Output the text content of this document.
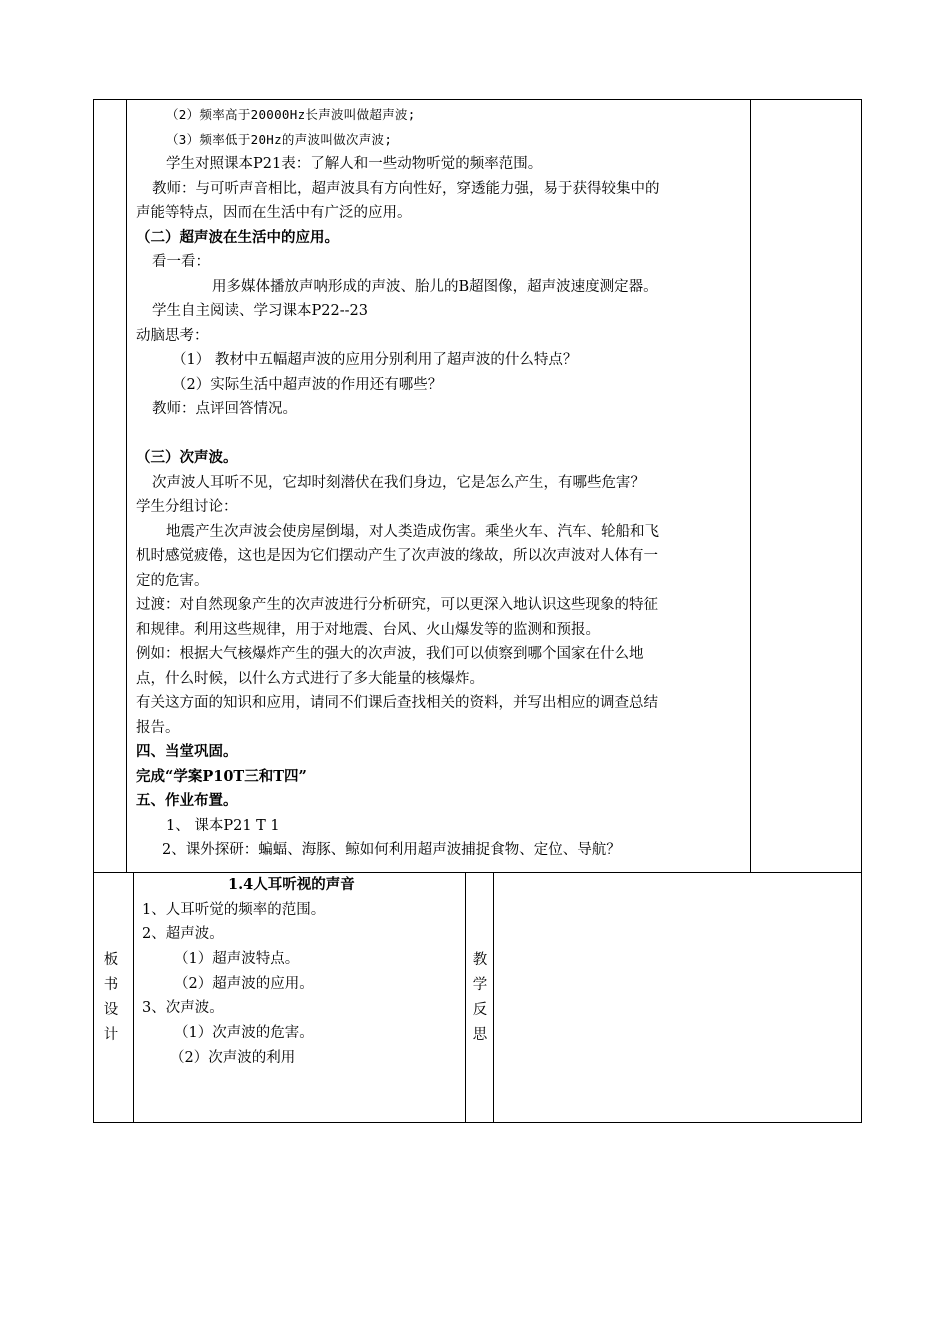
（2）频率高于20000Hz长声波叫做超声波;
（3）频率低于20Hz的声波叫做次声波;
学生对照课本P21表：了解人和一些动物听觉的频率范围。
教师：与可听声音相比，超声波具有方向性好，穿透能力强，易于获得较集中的
声能等特点，因而在生活中有广泛的应用。
（二）超声波在生活中的应用。
看一看：
用多媒体播放声呐形成的声波、胎儿的B超图像，超声波速度测定器。
学生自主阅读、学习课本P22--23
动脑思考：
（1） 教材中五幅超声波的应用分别利用了超声波的什么特点？
（2）实际生活中超声波的作用还有哪些？
教师：点评回答情况。
（三）次声波。
次声波人耳听不见，它却时刻潜伏在我们身边，它是怎么产生，有哪些危害？
学生分组讨论：
地震产生次声波会使房屋倒塌，对人类造成伤害。乘坐火车、汽车、轮船和飞
机时感觉疲倦，这也是因为它们摆动产生了次声波的缘故，所以次声波对人体有一
定的危害。
过渡：对自然现象产生的次声波进行分析研究，可以更深入地认识这些现象的特征
和规律。利用这些规律，用于对地震、台风、火山爆发等的监测和预报。
例如：根据大气核爆炸产生的强大的次声波，我们可以侦察到哪个国家在什么地
点，什么时候，以什么方式进行了多大能量的核爆炸。
有关这方面的知识和应用，请同不们课后查找相关的资料，并写出相应的调查总结
报告。
四、当堂巩固。
完成“学案P10T三和T四”
五、作业布置。
1、 课本P21 T 1
2、课外探研：蝙蝠、海豚、鲸如何利用超声波捕捉食物、定位、导航？
板
书
设
计
1.4人耳听视的声音
1、人耳听觉的频率的范围。
2、超声波。
（1）超声波特点。
（2）超声波的应用。
3、次声波。
（1）次声波的危害。
（2）次声波的利用
教
学
反
思
